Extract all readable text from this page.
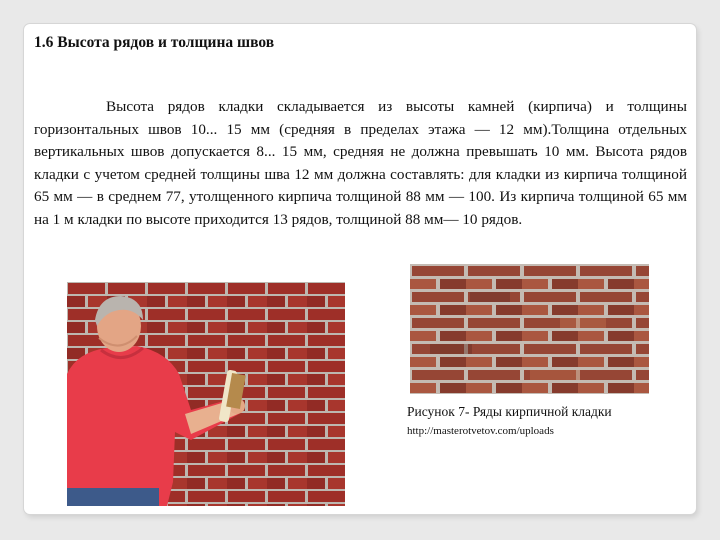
1.6 Высота рядов и толщина швов

Высота рядов кладки складывается из высоты камней (кирпича) и толщины горизонтальных швов 10... 15 мм (средняя в пределах этажа — 12 мм).Толщина отдельных вертикальных швов допускается 8... 15 мм, средняя не должна превышать 10 мм. Высота рядов кладки с учетом средней толщины шва 12 мм должна составлять: для кладки из кирпича толщиной 65 мм — в среднем 77, утолщенного кирпича толщиной 88 мм — 100. Из кирпича толщиной 65 мм на 1 м кладки по высоте приходится 13 рядов, толщиной 88 мм— 10 рядов.

Рисунок 7- Ряды кирпичной кладки

http://masterotvetov.com/uploads
